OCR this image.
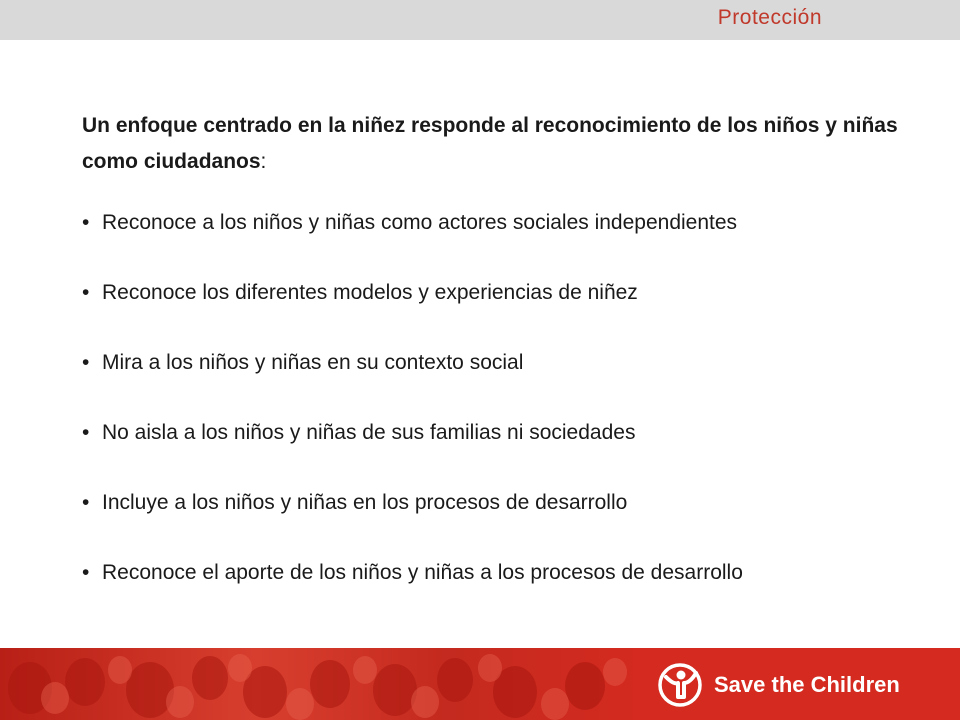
Protección

Un enfoque centrado en la niñez responde al reconocimiento de los niños y niñas como ciudadanos:

• Reconoce a los niños y niñas como actores sociales independientes
• Reconoce los diferentes modelos y experiencias de niñez
• Mira a los niños y niñas en su contexto social
• No aisla a los niños y niñas de sus familias ni sociedades
• Incluye a los niños y niñas en los procesos de desarrollo
• Reconoce el aporte de los niños y niñas a los procesos de desarrollo
Save the Children
